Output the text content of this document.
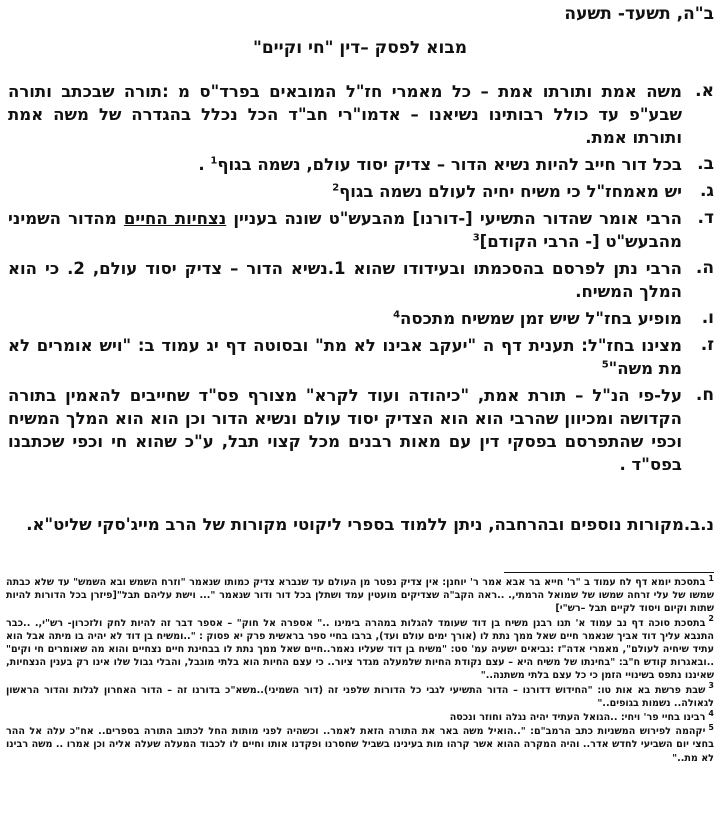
ב"ה, תשעד- תשעה
מבוא לפסק –דין "חי וקיים"
א.
משה אמת ותורתו אמת – כל מאמרי חז"ל המובאים בפרד"ס מ :תורה שבכתב ותורה שבע"פ עד כולל רבותינו נשיאנו – אדמו"רי חב"ד הכל נכלל בהגדרה של משה אמת ותורתו אמת.
ב.
בכל דור חייב להיות נשיא הדור – צדיק יסוד עולם, נשמה בגוף$^1$ .
ג.
יש מאמחז"ל כי משיח יחיה לעולם נשמה בגוף$^2$
ד.
הרבי אומר שהדור התשיעי [-דורנו] מהבעש"ט שונה בעניין נצחיות החיים מהדור השמיני מהבעש"ט [- הרבי הקודם]$^3$
ה.
הרבי נתן לפרסם בהסכמתו ובעידודו שהוא 1.נשיא הדור – צדיק יסוד עולם, 2. כי הוא המלך המשיח.
ו.
מופיע בחז"ל שיש זמן שמשיח מתכסה$^4$
ז.
מצינו בחז"ל: תענית דף ה "יעקב אבינו לא מת" ובסוטה דף יג עמוד ב: "ויש אומרים לא מת משה"$^5$
ח.
על-פי הנ"ל – תורת אמת, "כיהודה ועוד לקרא" מצורף פס"ד שחייבים להאמין בתורה הקדושה ומכיוון שהרבי הוא הוא הצדיק יסוד עולם ונשיא הדור וכן הוא הוא המלך המשיח וכפי שהתפרסם בפסקי דין עם מאות רבנים מכל קצוי תבל, ע"כ שהוא חי וכפי שכתבנו בפס"ד .
נ.ב.מקורות נוספים ובהרחבה, ניתן ללמוד בספרי ליקוטי מקורות של הרב מייג'סקי שליט"א.

$^1$בתסכת יומא דף לח עמוד ב "ר' חייא בר אבא אמר ר' יוחנן: אין צדיק נפטר מן העולם עד שנברא צדיק כמותו שנאמר "וזרח השמש ובא השמש" עד שלא כבתה שמשו של עלי זרחה שמשו של שמואל הרמתי,. ..ראה הקב"ה שצדיקים מועטין עמד ושתלן בכל דור ודור שנאמר "... וישת עליהם תבל"[פיזרן בכל הדורות להיות שתות וקיום ויסוד לקיים תבל –רש"י]

$^2$בתסכת סוכה דף נב עמוד א' תנו רבנן משיח בן דוד שעומד להגלות במהרה בימינו .." אספרה אל חוק" – אספר דבר זה להיות לחק ולזכרון- רש"י,. ..כבר התנבא עליך דוד אביך שנאמר חיים שאל ממך נתת לו (אורך ימים עולם ועד), ברבו בחיי ספר בראשית פרק יא פסוק : "..ומשיח בן דוד לא יהיה בו מיתה אבל הוא עתיד שיחיה לעולם", מאמרי אדה"ז :נביאים ישעיה עמ' סט: "משיח בן דוד שעליו נאמר..חיים שאל ממך נתת לו בבחינת חיים נצחיים והוא מה שאומרים חי וקים" ..ובאגרות קודש ח"ב: "בחינתו של משיח היא – עצם נקודת החיות שלמעלה מגדר ציור.. כי עצם החיות הוא בלתי מוגבל, והבלי גבול שלו אינו רק בענין הנצחיות, שאיננו נתפס בשינויי הזמן כי כל עצם בלתי משתנה.."

$^3$שבת פרשת בא אות טו: "החידוש דדורנו – הדור התשיעי לגבי כל הדורות שלפני זה (דור השמיני)..משא"כ בדורנו זה – הדור האחרון לגלות והדור הראשון לגאולה.. נשמות בגופים.."

$^4$רבינו בחיי פר' ויחי: ..הגואל העתיד יהיה נגלה וחוזר ונכסה

$^5$יקהמה לפירוש המשניות כתב הרמב"ם: "..הואיל משה באר את התורה הזאת לאמר.. וכשהיה לפני מותות החל לכתוב התורה בספרים.. אח"כ עלה אל ההר בחצי יום השביעי לחדש אדר.. והיה המקרה ההוא אשר קרהו מות בעינינו בשביל שחסרנו ופקדנו אותו וחיים לו לכבוד המעלה שעלה אליה וכן אמרו .. משה רבינו לא מת.."
